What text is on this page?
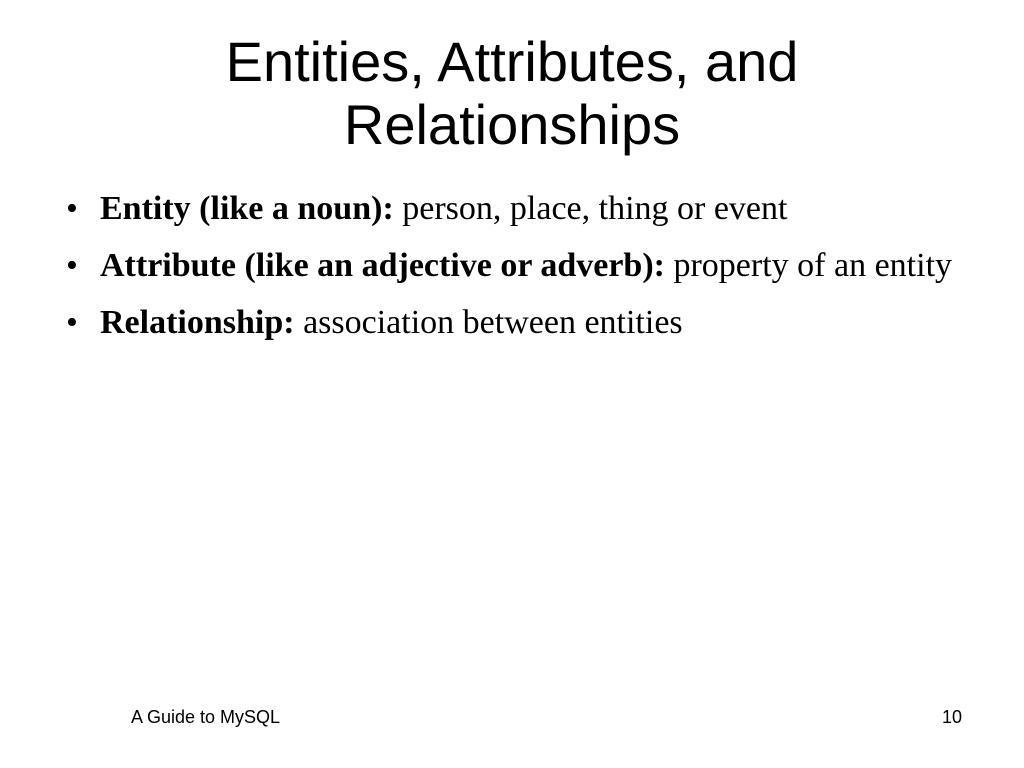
Entities, Attributes, and
Relationships
• Entity (like a noun): person, place, thing or event
• Attribute (like an adjective or adverb): property of an entity
• Relationship: association between entities
A Guide to MySQL	10
